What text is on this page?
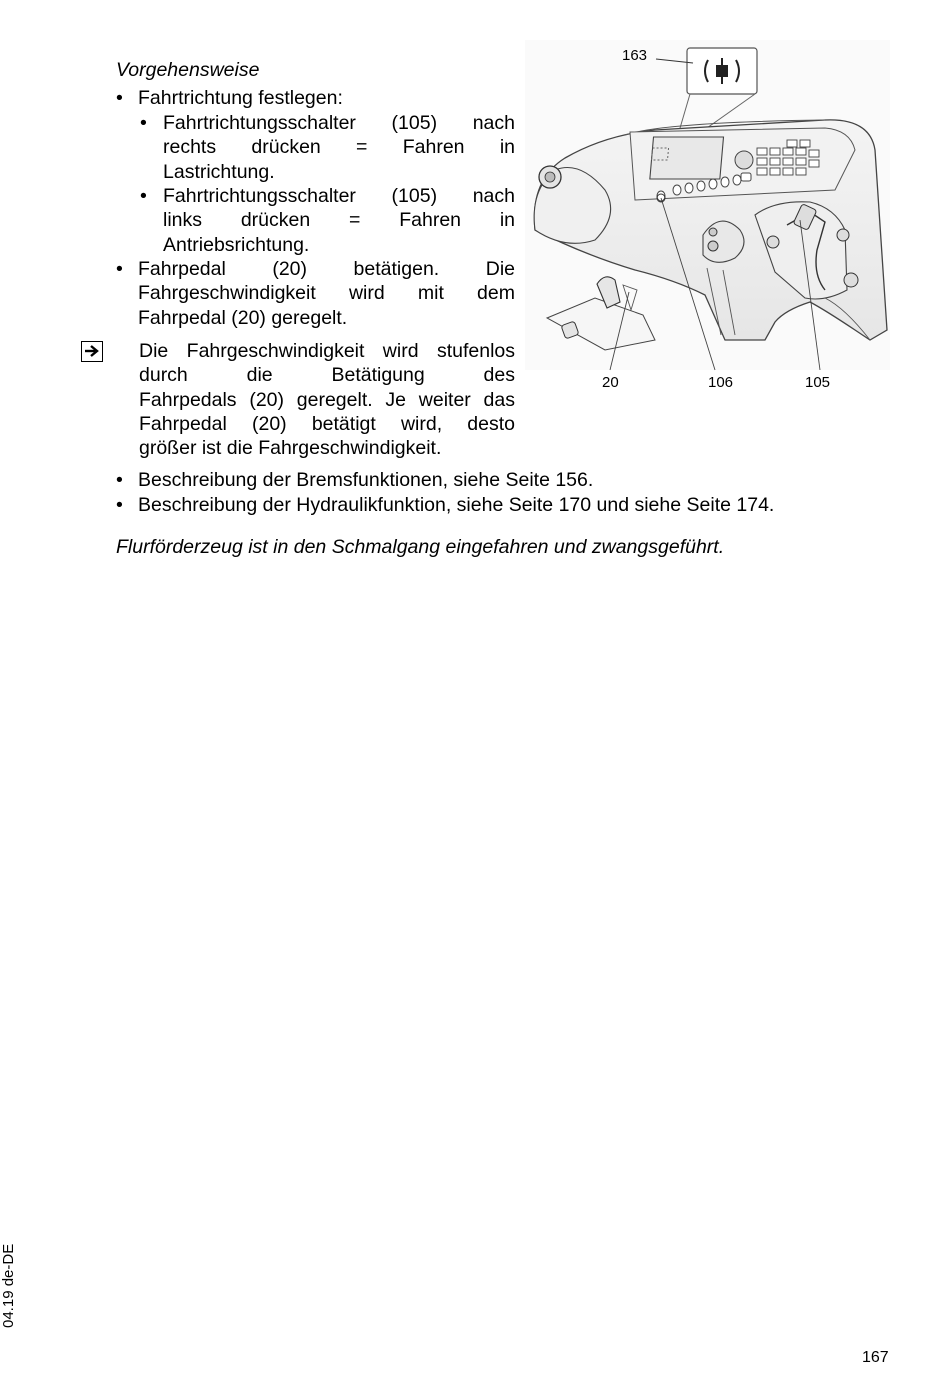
Vorgehensweise
• Fahrtrichtung festlegen:
• Fahrtrichtungsschalter (105) nach
rechts drücken = Fahren in
Lastrichtung.
• Fahrtrichtungsschalter (105) nach
links drücken = Fahren in
Antriebsrichtung.
• Fahrpedal (20) betätigen. Die
Fahrgeschwindigkeit wird mit dem
Fahrpedal (20) geregelt.
Die Fahrgeschwindigkeit wird stufenlos
durch die Betätigung des
Fahrpedals (20) geregelt. Je weiter das
Fahrpedal (20) betätigt wird, desto
größer ist die Fahrgeschwindigkeit.
• Beschreibung der Bremsfunktionen, siehe Seite 156.
• Beschreibung der Hydraulikfunktion, siehe Seite 170 und siehe Seite 174.
Flurförderzeug ist in den Schmalgang eingefahren und zwangsgeführt.
163
20	106	105
04.19 de-DE
167
